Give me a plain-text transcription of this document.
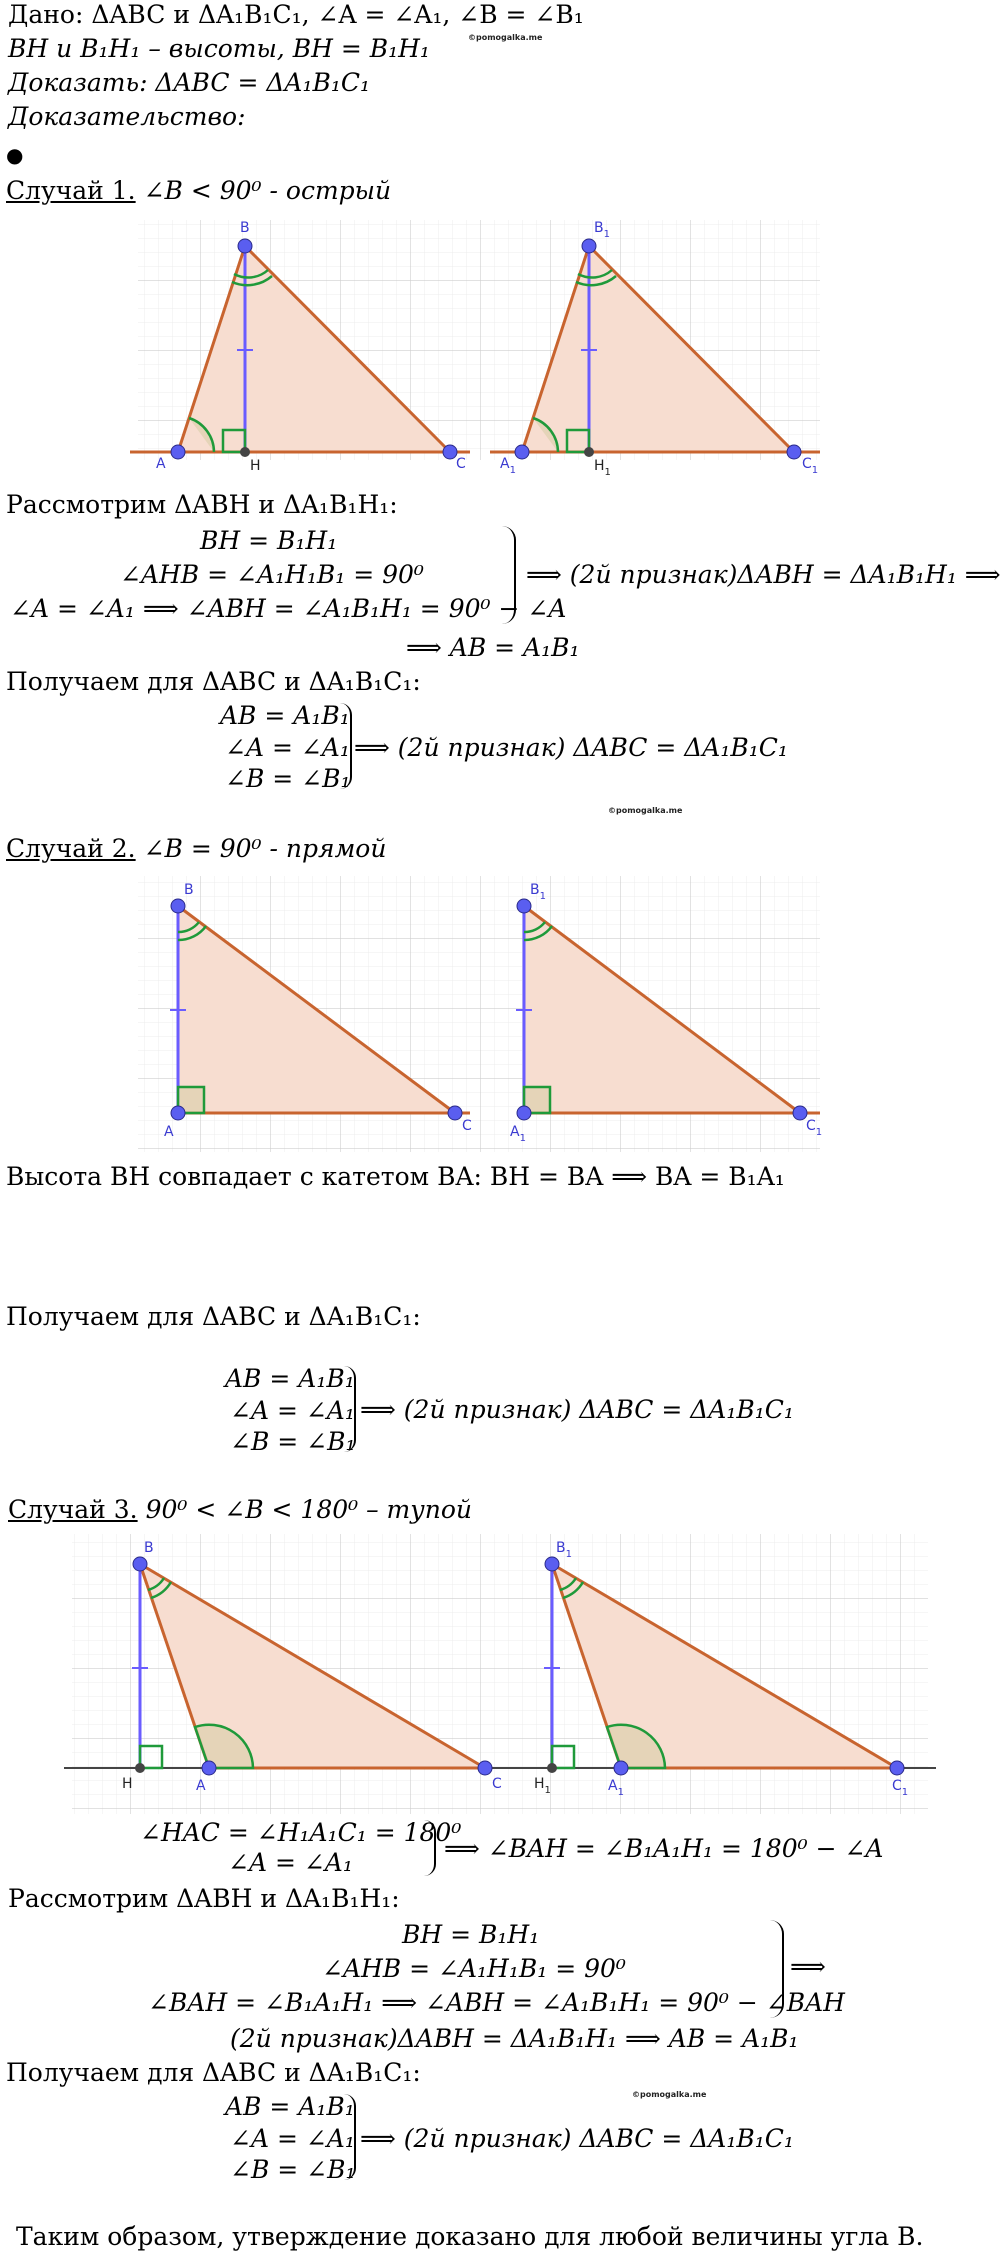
Дано: ΔABC и ΔA₁B₁C₁, ∠A = ∠A₁, ∠B = ∠B₁
©pomogalka.me
BH и B₁H₁ – высоты, BH = B₁H₁
Доказать: ΔABC = ΔA₁B₁C₁
Доказательство:
●
Случай 1. ∠B < 90⁰ - острый
B
A	H	C
$B_1$
$A_1$	$H_1$
$C_1$
Рассмотрим ΔABH и ΔA₁B₁H₁:
BH = B₁H₁
∠AHB = ∠A₁H₁B₁ = 90⁰
∠A = ∠A₁ ⟹ ∠ABH = ∠A₁B₁H₁ = 90⁰ − ∠A
⟹ (2й признак)ΔABH = ΔA₁B₁H₁ ⟹
⟹ AB = A₁B₁
Получаем для ΔABC и ΔA₁B₁C₁:
AB = A₁B₁
∠A = ∠A₁
∠B = ∠B₁
⟹ (2й признак) ΔABC = ΔA₁B₁C₁
©pomogalka.me
Случай 2. ∠B = 90⁰ - прямой
B
A	C
$B_1$
$A_1$
$C_1$
Высота BH совпадает с катетом BA: BH = BA ⟹ BA = B₁A₁
Получаем для ΔABC и ΔA₁B₁C₁:
AB = A₁B₁
∠A = ∠A₁
∠B = ∠B₁
⟹ (2й признак) ΔABC = ΔA₁B₁C₁
Случай 3. 90⁰ < ∠B < 180⁰ – тупой
B
H	A	C
$B_1$
$H_1$	$A_1$	$C_1$
∠HAC = ∠H₁A₁C₁ = 180⁰
∠A = ∠A₁	⟹ ∠BAH = ∠B₁A₁H₁ = 180⁰ − ∠A
Рассмотрим ΔABH и ΔA₁B₁H₁:
BH = B₁H₁
∠AHB = ∠A₁H₁B₁ = 90⁰
∠BAH = ∠B₁A₁H₁ ⟹ ∠ABH = ∠A₁B₁H₁ = 90⁰ − ∠BAH
⟹
(2й признак)ΔABH = ΔA₁B₁H₁ ⟹ AB = A₁B₁
Получаем для ΔABC и ΔA₁B₁C₁:
©pomogalka.me
AB = A₁B₁
∠A = ∠A₁
∠B = ∠B₁
⟹ (2й признак) ΔABC = ΔA₁B₁C₁
Таким образом, утверждение доказано для любой величины угла B.
